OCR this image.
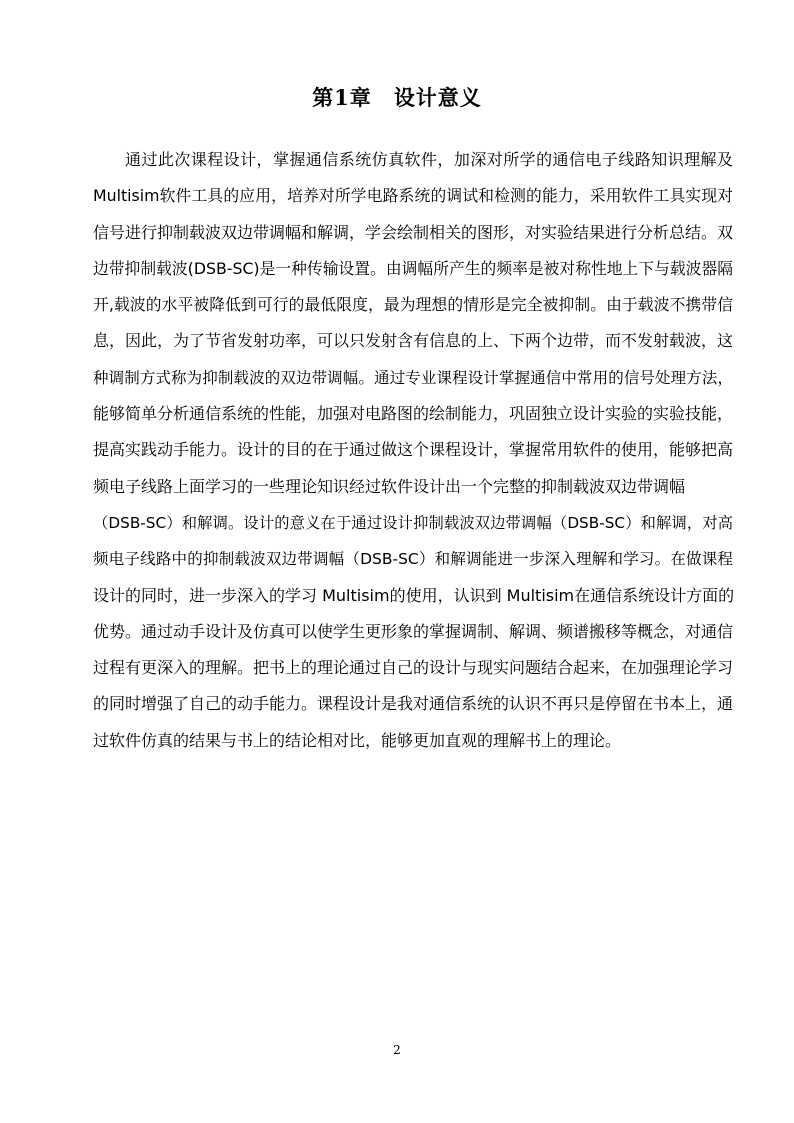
第1章 设计意义
通过此次课程设计，掌握通信系统仿真软件，加深对所学的通信电子线路知识理解及
Multisim软件工具的应用，培养对所学电路系统的调试和检测的能力，采用软件工具实现对
信号进行抑制载波双边带调幅和解调，学会绘制相关的图形，对实验结果进行分析总结。双
边带抑制载波(DSB-SC)是一种传输设置。由调幅所产生的频率是被对称性地上下与载波器隔
开,载波的水平被降低到可行的最低限度，最为理想的情形是完全被抑制。由于载波不携带信
息，因此，为了节省发射功率，可以只发射含有信息的上、下两个边带，而不发射载波，这
种调制方式称为抑制载波的双边带调幅。通过专业课程设计掌握通信中常用的信号处理方法，
能够简单分析通信系统的性能，加强对电路图的绘制能力，巩固独立设计实验的实验技能，
提高实践动手能力。设计的目的在于通过做这个课程设计，掌握常用软件的使用，能够把高
频电子线路上面学习的一些理论知识经过软件设计出一个完整的抑制载波双边带调幅
（DSB-SC）和解调。设计的意义在于通过设计抑制载波双边带调幅（DSB-SC）和解调，对高
频电子线路中的抑制载波双边带调幅（DSB-SC）和解调能进一步深入理解和学习。在做课程
设计的同时，进一步深入的学习 Multisim的使用，认识到 Multisim在通信系统设计方面的
优势。通过动手设计及仿真可以使学生更形象的掌握调制、解调、频谱搬移等概念，对通信
过程有更深入的理解。把书上的理论通过自己的设计与现实问题结合起来，在加强理论学习
的同时增强了自己的动手能力。课程设计是我对通信系统的认识不再只是停留在书本上，通
过软件仿真的结果与书上的结论相对比，能够更加直观的理解书上的理论。
2
